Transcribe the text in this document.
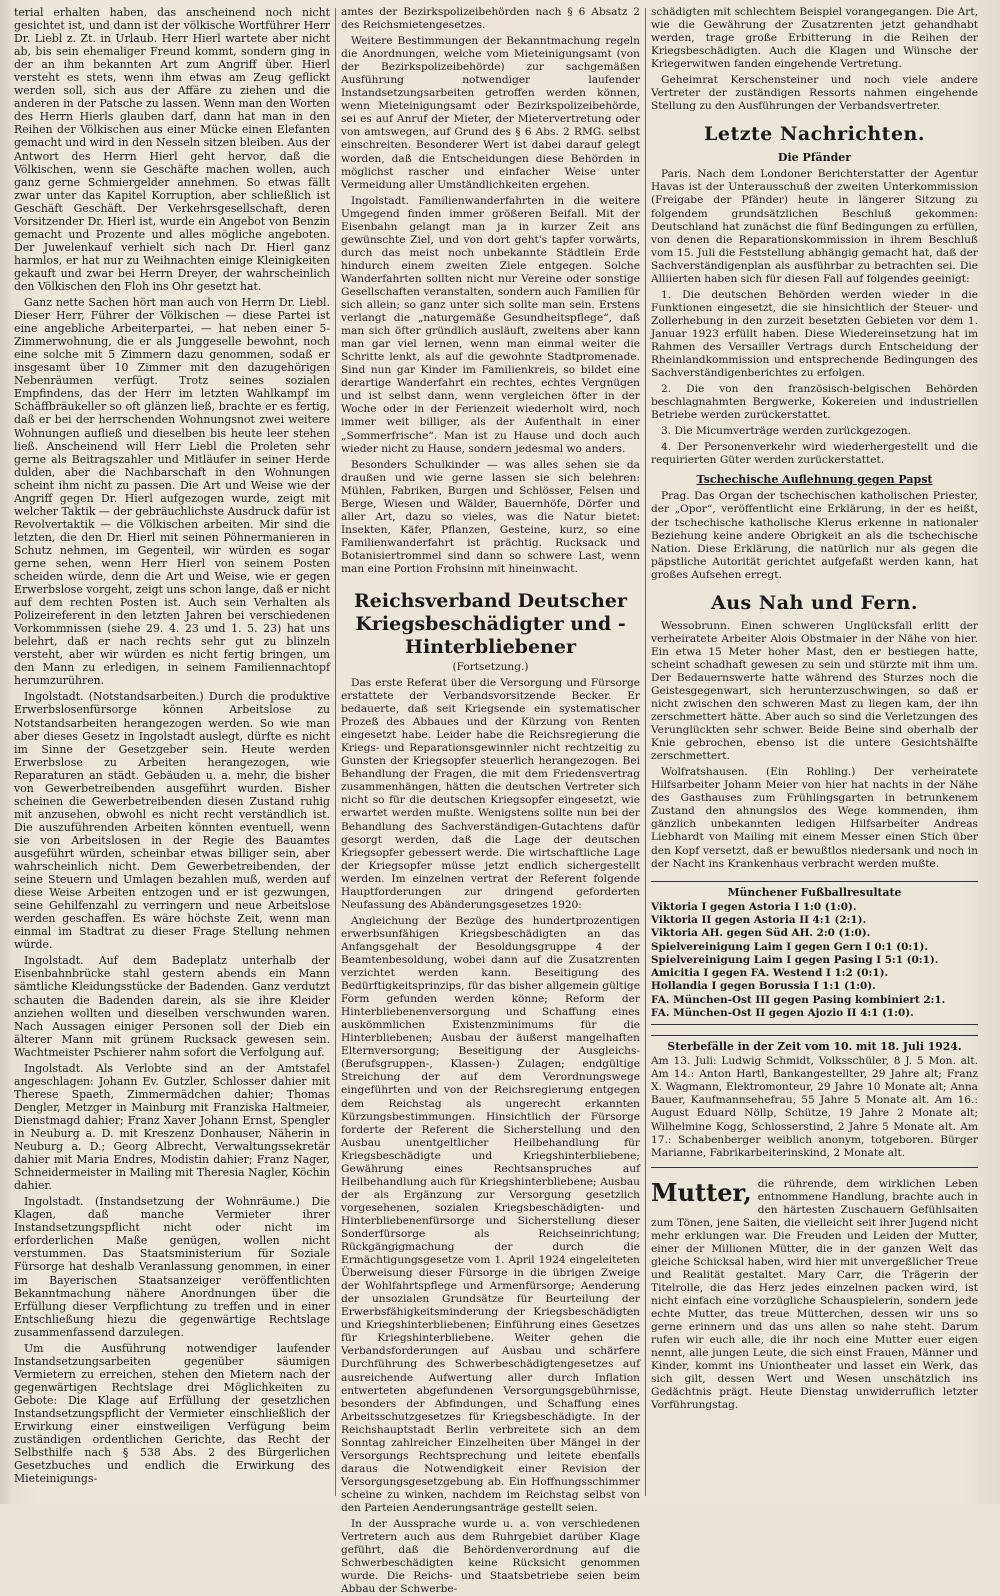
terial erhalten haben, das anscheinend noch nicht gesichtet ist, und dann ist der völkische Wortführer Herr Dr. Liebl z. Zt. in Urlaub. Herr Hierl wartete aber nicht ab, bis sein ehemaliger Freund kommt, sondern ging in der an ihm bekannten Art zum Angriff über. Hierl versteht es stets, wenn ihm etwas am Zeug geflickt werden soll, sich aus der Affäre zu ziehen und die anderen in der Patsche zu lassen. Wenn man den Worten des Herrn Hierls glauben darf, dann hat man in den Reihen der Völkischen aus einer Mücke einen Elefanten gemacht und wird in den Nesseln sitzen bleiben. Aus der Antwort des Herrn Hierl geht hervor, daß die Völkischen, wenn sie Geschäfte machen wollen, auch ganz gerne Schmiergelder annehmen. So etwas fällt zwar unter das Kapitel Korruption, aber schließlich ist Geschäft Geschäft. Der Verkehrsgesellschaft, deren Vorsitzender Dr. Hierl ist, wurde ein Angebot von Benzin gemacht und Prozente und alles mögliche angeboten. Der Juwelenkauf verhielt sich nach Dr. Hierl ganz harmlos, er hat nur zu Weihnachten einige Kleinigkeiten gekauft und zwar bei Herrn Dreyer, der wahrscheinlich den Völkischen den Floh ins Ohr gesetzt hat.

Ganz nette Sachen hört man auch von Herrn Dr. Liebl. Dieser Herr, Führer der Völkischen — diese Partei ist eine angebliche Arbeiterpartei, — hat neben einer 5-Zimmerwohnung, die er als Junggeselle bewohnt, noch eine solche mit 5 Zimmern dazu genommen, sodaß er insgesamt über 10 Zimmer mit den dazugehörigen Nebenräumen verfügt. Trotz seines sozialen Empfindens, das der Herr im letzten Wahlkampf im Schäffbräukeller so oft glänzen ließ, brachte er es fertig, daß er bei der herrschenden Wohnungsnot zwei weitere Wohnungen aufließ und dieselben bis heute leer stehen ließ. Anscheinend will Herr Liebl die Proleten sehr gerne als Beitragszahler und Mitläufer in seiner Herde dulden, aber die Nachbarschaft in den Wohnungen scheint ihm nicht zu passen. Die Art und Weise wie der Angriff gegen Dr. Hierl aufgezogen wurde, zeigt mit welcher Taktik — der gebräuchlichste Ausdruck dafür ist Revolvertaktik — die Völkischen arbeiten. Mir sind die letzten, die den Dr. Hierl mit seinen Pöhnermanieren in Schutz nehmen, im Gegenteil, wir würden es sogar gerne sehen, wenn Herr Hierl von seinem Posten scheiden würde, denn die Art und Weise, wie er gegen Erwerbslose vorgeht, zeigt uns schon lange, daß er nicht auf dem rechten Posten ist. Auch sein Verhalten als Polizeireferent in den letzten Jahren bei verschiedenen Vorkommnissen (siehe 29. 4. 23 und 1. 5. 23) hat uns belehrt, daß er nach rechts sehr gut zu blinzeln versteht, aber wir würden es nicht fertig bringen, um den Mann zu erledigen, in seinem Familiennachtopf herumzurühren.

Ingolstadt. (Notstandsarbeiten.) Durch die produktive Erwerbslosenfürsorge können Arbeitslose zu Notstandsarbeiten herangezogen werden. So wie man aber dieses Gesetz in Ingolstadt auslegt, dürfte es nicht im Sinne der Gesetzgeber sein. Heute werden Erwerbslose zu Arbeiten herangezogen, wie Reparaturen an städt. Gebäuden u. a. mehr, die bisher von Gewerbetreibenden ausgeführt wurden. Bisher scheinen die Gewerbetreibenden diesen Zustand ruhig mit anzusehen, obwohl es nicht recht verständlich ist. Die auszuführenden Arbeiten könnten eventuell, wenn sie von Arbeitslosen in der Regie des Bauamtes ausgeführt würden, scheinbar etwas billiger sein, aber wahrscheinlich nicht. Dem Gewerbetreibenden, der seine Steuern und Umlagen bezahlen muß, werden auf diese Weise Arbeiten entzogen und er ist gezwungen, seine Gehilfenzahl zu verringern und neue Arbeitslose werden geschaffen. Es wäre höchste Zeit, wenn man einmal im Stadtrat zu dieser Frage Stellung nehmen würde.

Ingolstadt. Auf dem Badeplatz unterhalb der Eisenbahnbrücke stahl gestern abends ein Mann sämtliche Kleidungsstücke der Badenden. Ganz verdutzt schauten die Badenden darein, als sie ihre Kleider anziehen wollten und dieselben verschwunden waren. Nach Aussagen einiger Personen soll der Dieb ein älterer Mann mit grünem Rucksack gewesen sein. Wachtmeister Pschierer nahm sofort die Verfolgung auf.

Ingolstadt. Als Verlobte sind an der Amtstafel angeschlagen: Johann Ev. Gutzler, Schlosser dahier mit Therese Spaeth, Zimmermädchen dahier; Thomas Dengler, Metzger in Mainburg mit Franziska Haltmeier, Dienstmagd dahier; Franz Xaver Johann Ernst, Spengler in Neuburg a. D. mit Kreszenz Donhauser, Näherin in Neuburg a. D.; Georg Albrecht, Verwaltungssekretär dahier mit Maria Endres, Modistin dahier; Franz Nager, Schneidermeister in Mailing mit Theresia Nagler, Köchin dahier.

Ingolstadt. (Instandsetzung der Wohnräume.) Die Klagen, daß manche Vermieter ihrer Instandsetzungspflicht nicht oder nicht im erforderlichen Maße genügen, wollen nicht verstummen. Das Staatsministerium für Soziale Fürsorge hat deshalb Veranlassung genommen, in einer im Bayerischen Staatsanzeiger veröffentlichten Bekanntmachung nähere Anordnungen über die Erfüllung dieser Verpflichtung zu treffen und in einer Entschließung hiezu die gegenwärtige Rechtslage zusammenfassend darzulegen.

Um die Ausführung notwendiger laufender Instandsetzungsarbeiten gegenüber säumigen Vermietern zu erreichen, stehen den Mietern nach der gegenwärtigen Rechtslage drei Möglichkeiten zu Gebote: Die Klage auf Erfüllung der gesetzlichen Instandsetzungspflicht der Vermieter einschließlich der Erwirkung einer einstweiligen Verfügung beim zuständigen ordentlichen Gerichte, das Recht der Selbsthilfe nach § 538 Abs. 2 des Bürgerlichen Gesetzbuches und endlich die Erwirkung des Mieteinigungs-

amtes der Bezirkspolizeibehörden nach § 6 Absatz 2 des Reichsmietengesetzes.

Weitere Bestimmungen der Bekanntmachung regeln die Anordnungen, welche vom Mieteinigungsamt (von der Bezirkspolizeibehörde) zur sachgemäßen Ausführung notwendiger laufender Instandsetzungsarbeiten getroffen werden können, wenn Mieteinigungsamt oder Bezirkspolizeibehörde, sei es auf Anruf der Mieter, der Mietervertretung oder von amtswegen, auf Grund des § 6 Abs. 2 RMG. selbst einschreiten. Besonderer Wert ist dabei darauf gelegt worden, daß die Entscheidungen diese Behörden in möglichst rascher und einfacher Weise unter Vermeidung aller Umständlichkeiten ergehen.

Ingolstadt. Familienwanderfahrten in die weitere Umgegend finden immer größeren Beifall. Mit der Eisenbahn gelangt man ja in kurzer Zeit ans gewünschte Ziel, und von dort geht's tapfer vorwärts, durch das meist noch unbekannte Städtlein Erde hindurch einem zweiten Ziele entgegen. Solche Wanderfahrten sollten nicht nur Vereine oder sonstige Gesellschaften veranstalten, sondern auch Familien für sich allein; so ganz unter sich sollte man sein. Erstens verlangt die „naturgemäße Gesundheitspflege“, daß man sich öfter gründlich ausläuft, zweitens aber kann man gar viel lernen, wenn man einmal weiter die Schritte lenkt, als auf die gewohnte Stadtpromenade. Sind nun gar Kinder im Familienkreis, so bildet eine derartige Wanderfahrt ein rechtes, echtes Vergnügen und ist selbst dann, wenn vergleichen öfter in der Woche oder in der Ferienzeit wiederholt wird, noch immer weit billiger, als der Aufenthalt in einer „Sommerfrische“. Man ist zu Hause und doch auch wieder nicht zu Hause, sondern jedesmal wo anders.

Besonders Schulkinder — was alles sehen sie da draußen und wie gerne lassen sie sich belehren: Mühlen, Fabriken, Burgen und Schlösser, Felsen und Berge, Wiesen und Wälder, Bauernhöfe, Dörfer und aller Art, dazu so vieles, was die Natur bietet: Insekten, Käfer, Pflanzen, Gesteine, kurz, so eine Familienwanderfahrt ist prächtig. Rucksack und Botanisiertrommel sind dann so schwere Last, wenn man eine Portion Frohsinn mit hineinwacht.

Reichsverband Deutscher Kriegsbeschädigter und -Hinterbliebener
(Fortsetzung.)

Das erste Referat über die Versorgung und Fürsorge erstattete der Verbandsvorsitzende Becker. Er bedauerte, daß seit Kriegsende ein systematischer Prozeß des Abbaues und der Kürzung von Renten eingesetzt habe. Leider habe die Reichsregierung die Kriegs- und Reparationsgewinnler nicht rechtzeitig zu Gunsten der Kriegsopfer steuerlich herangezogen. Bei Behandlung der Fragen, die mit dem Friedensvertrag zusammenhängen, hätten die deutschen Vertreter sich nicht so für die deutschen Kriegsopfer eingesetzt, wie erwartet werden mußte. Wenigstens sollte nun bei der Behandlung des Sachverständigen-Gutachtens dafür gesorgt werden, daß die Lage der deutschen Kriegsopfer gebessert werde. Die wirtschaftliche Lage der Kriegsopfer müsse jetzt endlich sichergestellt werden. Im einzelnen vertrat der Referent folgende Hauptforderungen zur dringend geforderten Neufassung des Abänderungsgesetzes 1920:

Angleichung der Bezüge des hundertprozentigen erwerbsunfähigen Kriegsbeschädigten an das Anfangsgehalt der Besoldungsgruppe 4 der Beamtenbesoldung, wobei dann auf die Zusatzrenten verzichtet werden kann. Beseitigung des Bedürftigkeitsprinzips, für das bisher allgemein gültige Form gefunden werden könne; Reform der Hinterbliebenenversorgung und Schaffung eines auskömmlichen Existenzminimums für die Hinterbliebenen; Ausbau der äußerst mangelhaften Elternversorgung; Beseitigung der Ausgleichs- (Berufsgruppen-, Klassen-) Zulagen; endgültige Streichung der auf dem Verordnungswege eingeführten und von der Reichsregierung entgegen dem Reichstag als ungerecht erkannten Kürzungsbestimmungen. Hinsichtlich der Fürsorge forderte der Referent die Sicherstellung und den Ausbau unentgeltlicher Heilbehandlung für Kriegsbeschädigte und Kriegshinterbliebene; Gewährung eines Rechtsanspruches auf Heilbehandlung auch für Kriegshinterbliebene; Ausbau der als Ergänzung zur Versorgung gesetzlich vorgesehenen, sozialen Kriegsbeschädigten- und Hinterbliebenenfürsorge und Sicherstellung dieser Sonderfürsorge als Reichseinrichtung; Rückgängigmachung der durch die Ermächtigungsgesetze vom 1. April 1924 eingeleiteten Überweisung dieser Fürsorge in die übrigen Zweige der Wohlfahrtspflege und Armenfürsorge; Aenderung der unsozialen Grundsätze für Beurteilung der Erwerbsfähigkeitsminderung der Kriegsbeschädigten und Kriegshinterbliebenen; Einführung eines Gesetzes für Kriegshinterbliebene. Weiter gehen die Verbandsforderungen auf Ausbau und schärfere Durchführung des Schwerbeschädigtengesetzes auf ausreichende Aufwertung aller durch Inflation entwerteten abgefundenen Versorgungsgebührnisse, besonders der Abfindungen, und Schaffung eines Arbeitsschutzgesetzes für Kriegsbeschädigte. In der Reichshauptstadt Berlin verbreitete sich an dem Sonntag zahlreicher Einzelheiten über Mängel in der Versorgungs Rechtsprechung und leitete ebenfalls daraus die Notwendigkeit einer Revision der Versorgungsgesetzgebung ab. Ein Hoffnungsschimmer scheine zu winken, nachdem im Reichstag selbst von den Parteien Aenderungsanträge gestellt seien.

In der Aussprache wurde u. a. von verschiedenen Vertretern auch aus dem Ruhrgebiet darüber Klage geführt, daß die Behördenverordnung auf die Schwerbeschädigten keine Rücksicht genommen wurde. Die Reichs- und Staatsbetriebe seien beim Abbau der Schwerbe-

schädigten mit schlechtem Beispiel vorangegangen. Die Art, wie die Gewährung der Zusatzrenten jetzt gehandhabt werden, trage große Erbitterung in die Reihen der Kriegsbeschädigten. Auch die Klagen und Wünsche der Kriegerwitwen fanden eingehende Vertretung.

Geheimrat Kerschensteiner und noch viele andere Vertreter der zuständigen Ressorts nahmen eingehende Stellung zu den Ausführungen der Verbandsvertreter.

Letzte Nachrichten.
Die Pfänder

Paris. Nach dem Londoner Berichterstatter der Agentur Havas ist der Unterausschuß der zweiten Unterkommission (Freigabe der Pfänder) heute in längerer Sitzung zu folgendem grundsätzlichen Beschluß gekommen: Deutschland hat zunächst die fünf Bedingungen zu erfüllen, von denen die Reparationskommission in ihrem Beschluß vom 15. Juli die Feststellung abhängig gemacht hat, daß der Sachverständigenplan als ausführbar zu betrachten sei. Die Alliierten haben sich für diesen Fall auf folgendes geeinigt:

1. Die deutschen Behörden werden wieder in die Funktionen eingesetzt, die sie hinsichtlich der Steuer- und Zollerhebung in den zurzeit besetzten Gebieten vor dem 1. Januar 1923 erfüllt haben. Diese Wiedereinsetzung hat im Rahmen des Versailler Vertrags durch Entscheidung der Rheinlandkommission und entsprechende Bedingungen des Sachverständigenberichtes zu erfolgen.

2. Die von den französisch-belgischen Behörden beschlagnahmten Bergwerke, Kokereien und industriellen Betriebe werden zurückerstattet.

3. Die Micumverträge werden zurückgezogen.

4. Der Personenverkehr wird wiederhergestellt und die requirierten Güter werden zurückerstattet.

Tschechische Auflehnung gegen Papst

Prag. Das Organ der tschechischen katholischen Priester, der „Opor“, veröffentlicht eine Erklärung, in der es heißt, der tschechische katholische Klerus erkenne in nationaler Beziehung keine andere Obrigkeit an als die tschechische Nation. Diese Erklärung, die natürlich nur als gegen die päpstliche Autorität gerichtet aufgefaßt werden kann, hat großes Aufsehen erregt.

Aus Nah und Fern.

Wessobrunn. Einen schweren Unglücksfall erlitt der verheiratete Arbeiter Alois Obstmaier in der Nähe von hier. Ein etwa 15 Meter hoher Mast, den er bestiegen hatte, scheint schadhaft gewesen zu sein und stürzte mit ihm um. Der Bedauernswerte hatte während des Sturzes noch die Geistesgegenwart, sich herunterzuschwingen, so daß er nicht zwischen den schweren Mast zu liegen kam, der ihn zerschmettert hätte. Aber auch so sind die Verletzungen des Verunglückten sehr schwer. Beide Beine sind oberhalb der Knie gebrochen, ebenso ist die untere Gesichtshälfte zerschmettert.

Wolfratshausen. (Ein Rohling.) Der verheiratete Hilfsarbeiter Johann Meier von hier hat nachts in der Nähe des Gasthauses zum Frühlingsgarten in betrunkenem Zustand den ahnungslos des Wege kommenden, ihm gänzlich unbekannten ledigen Hilfsarbeiter Andreas Liebhardt von Mailing mit einem Messer einen Stich über den Kopf versetzt, daß er bewußtlos niedersank und noch in der Nacht ins Krankenhaus verbracht werden mußte.

Münchener Fußballresultate
Viktoria I gegen Astoria I 1:0 (1:0).
Viktoria II gegen Astoria II 4:1 (2:1).
Viktoria AH. gegen Süd AH. 2:0 (1:0).
Spielvereinigung Laim I gegen Gern I 0:1 (0:1).
Spielvereinigung Laim I gegen Pasing I 5:1 (0:1).
Amicitia I gegen FA. Westend I 1:2 (0:1).
Hollandia I gegen Borussia I 1:1 (1:0).
FA. München-Ost III gegen Pasing kombiniert 2:1.
FA. München-Ost II gegen Ajozio II 4:1 (1:0).
Sterbefälle in der Zeit vom 10. mit 18. Juli 1924.

Am 13. Juli: Ludwig Schmidt, Volksschüler, 8 J. 5 Mon. alt. Am 14.: Anton Hartl, Bankangestellter, 29 Jahre alt; Franz X. Wagmann, Elektromonteur, 29 Jahre 10 Monate alt; Anna Bauer, Kaufmannsehefrau, 55 Jahre 5 Monate alt. Am 16.: August Eduard Nöllp, Schütze, 19 Jahre 2 Monate alt; Wilhelmine Kogg, Schlosserstind, 2 Jahre 5 Monate alt. Am 17.: Schabenberger weiblich anonym, totgeboren. Bürger Marianne, Fabrikarbeiterinskind, 2 Monate alt.

Mutter, die rührende, dem wirklichen Leben entnommene Handlung, brachte auch in den härtesten Zuschauern Gefühlsaiten zum Tönen, jene Saiten, die vielleicht seit ihrer Jugend nicht mehr erklungen war. Die Freuden und Leiden der Mutter, einer der Millionen Mütter, die in der ganzen Welt das gleiche Schicksal haben, wird hier mit unvergeßlicher Treue und Realität gestaltet. Mary Carr, die Trägerin der Titelrolle, die das Herz jedes einzelnen packen wird, ist nicht einfach eine vorzügliche Schauspielerin, sondern jede echte Mutter, das treue Mütterchen, dessen wir uns so gerne erinnern und das uns allen so nahe steht. Darum rufen wir euch alle, die ihr noch eine Mutter euer eigen nennt, alle jungen Leute, die sich einst Frauen, Männer und Kinder, kommt ins Uniontheater und lasset ein Werk, das sich gilt, dessen Wert und Wesen unschätzlich ins Gedächtnis prägt. Heute Dienstag unwiderruflich letzter Vorführungstag.
